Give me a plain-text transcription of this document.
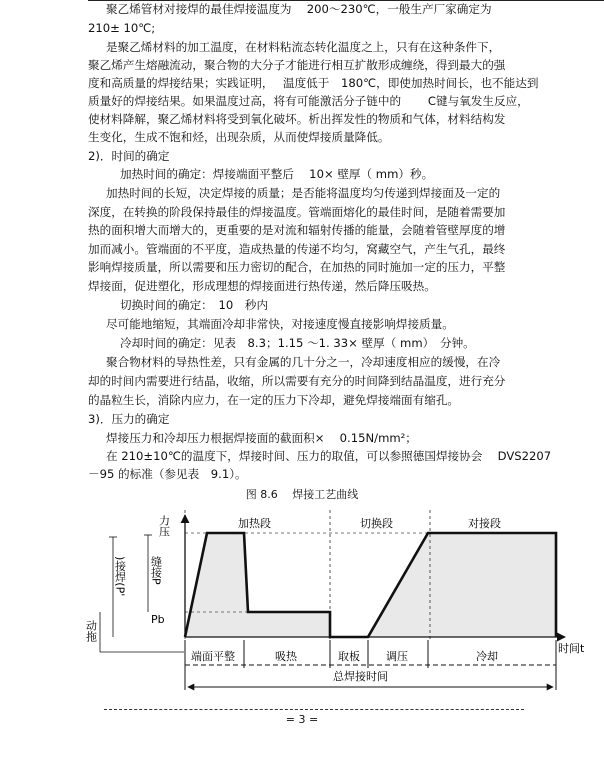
聚乙烯管材对接焊的最佳焊接温度为　 200～230℃，一般生产厂家确定为

210± 10℃;

是聚乙烯材料的加工温度，在材料粘流态转化温度之上，只有在这种条件下，

聚乙烯产生熔融流动，聚合物的大分子才能进行相互扩散形成缠绕，得到最大的强

度和高质量的焊接结果；实践证明，　 温度低于　180℃，即使加热时间长，也不能达到

质量好的焊接结果。如果温度过高，将有可能激活分子链中的　　 C键与氧发生反应，

使材料降解，聚乙烯材料将受到氧化破坏。析出挥发性的物质和气体，材料结构发

生变化，生成不饱和烃，出现杂质，从而使焊接质量降低。

2)．时间的确定

加热时间的确定：焊接端面平整后　 10× 壁厚（ mm）秒。

加热时间的长短，决定焊接的质量；是否能将温度均匀传递到焊接面及一定的

深度，在转换的阶段保持最佳的焊接温度。管端面熔化的最佳时间，是随着需要加

热的面积增大而增大的，更重要的是对流和辐射传播的能量，会随着管壁厚度的增

加而减小。管端面的不平度，造成热量的传递不均匀，窝藏空气，产生气孔，最终

影响焊接质量，所以需要和压力密切的配合，在加热的同时施加一定的压力，平整

焊接面，促进塑化，形成理想的焊接面进行热传递，然后降压吸热。

切换时间的确定：　10　秒内

尽可能地缩短，其端面冷却非常快，对接速度慢直接影响焊接质量。

冷却时间的确定：见表　8.3；1.15 ～1. 33× 壁厚（ mm）　分钟。

聚合物材料的导热性差，只有金属的几十分之一，冷却速度相应的缓慢，在冷

却的时间内需要进行结晶，收缩，所以需要有充分的时间降到结晶温度，进行充分

的晶粒生长，消除内应力，在一定的压力下冷却，避免焊接端面有缩孔。

3)．压力的确定

焊接压力和冷却压力根据焊接面的截面积×　 0.15N/mm²；

在 210±10℃的温度下，焊接时间、压力的取值，可以参照德国焊接协会　 DVS2207

－95 的标准（参见表　9.1）。

图 8.6　 焊接工艺曲线
加热段	切换段	对接段
力压
)接焊(P' 缝接P
Pb
动拖
时间t
端面平整	吸热	取板 调压	冷却
总焊接时间
= 3 =
